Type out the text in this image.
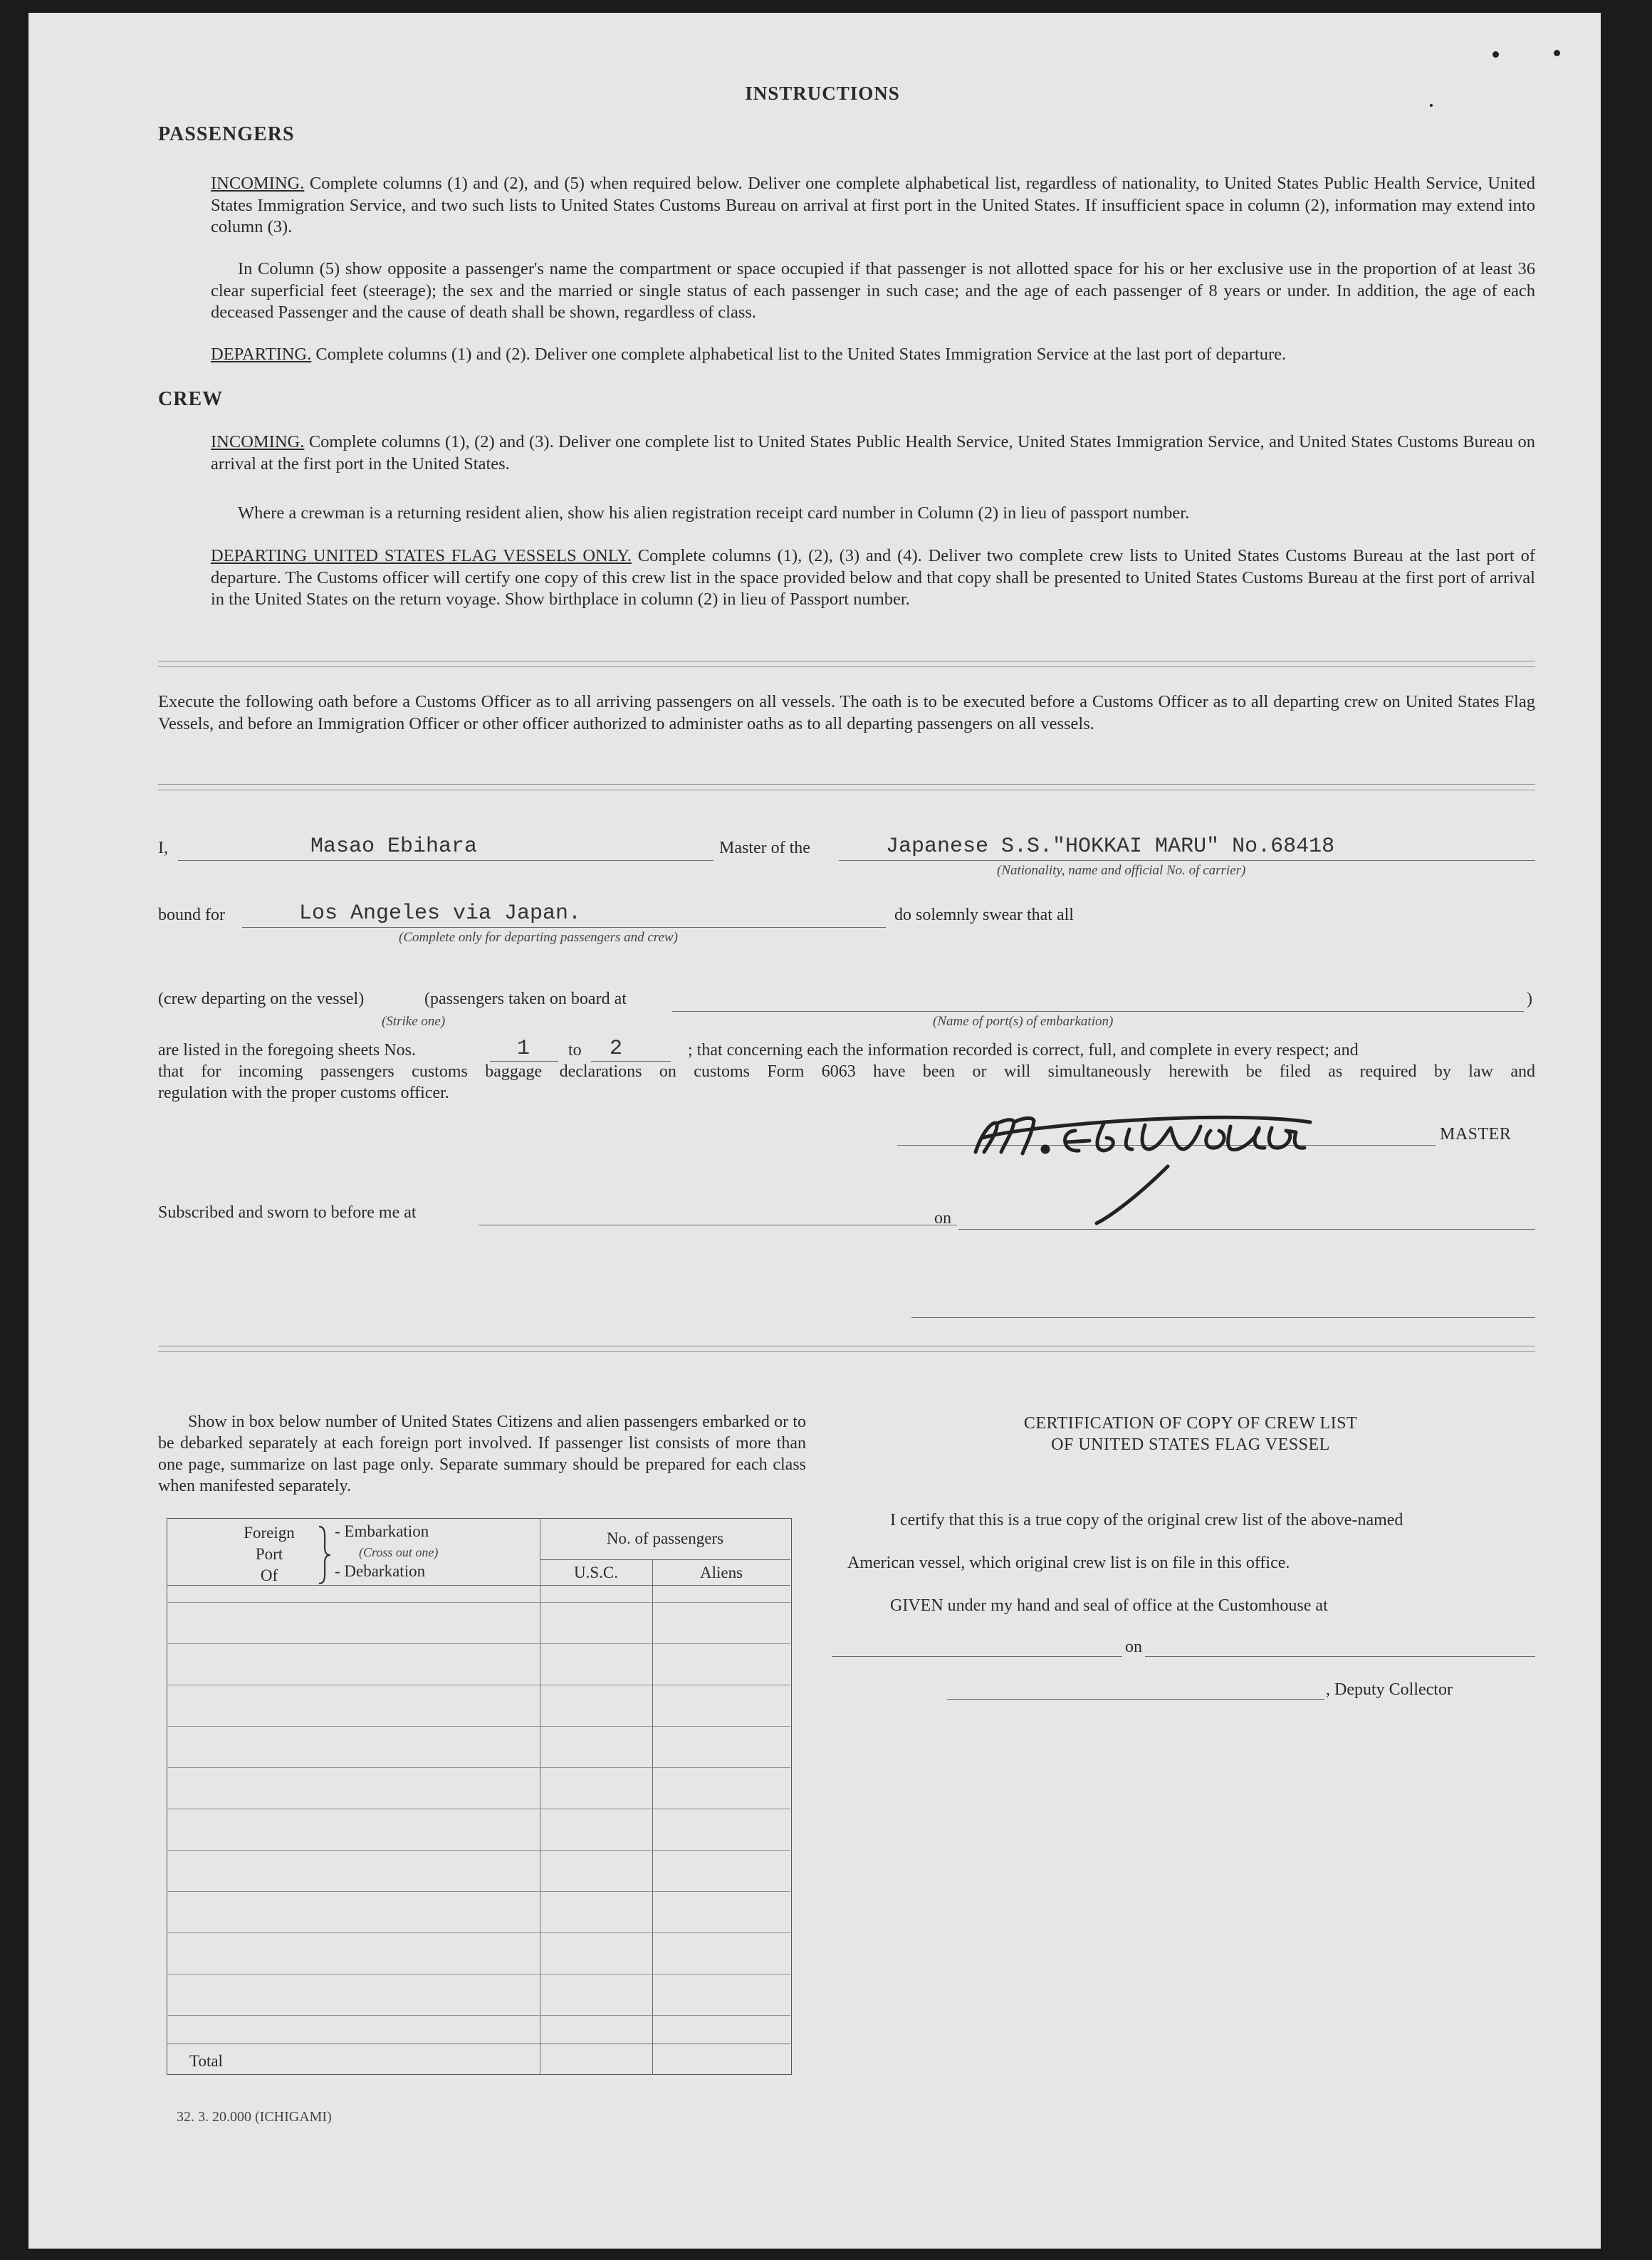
INSTRUCTIONS
PASSENGERS
INCOMING. Complete columns (1) and (2), and (5) when required below. Deliver one complete alphabetical list, regardless of nationality, to United States Public Health Service, United States Immigration Service, and two such lists to United States Customs Bureau on arrival at first port in the United States. If insufficient space in column (2), information may extend into column (3).
In Column (5) show opposite a passenger's name the compartment or space occupied if that passenger is not allotted space for his or her exclusive use in the proportion of at least 36 clear superficial feet (steerage); the sex and the married or single status of each passenger in such case; and the age of each passenger of 8 years or under. In addition, the age of each deceased Passenger and the cause of death shall be shown, regardless of class.
DEPARTING. Complete columns (1) and (2). Deliver one complete alphabetical list to the United States Immigration Service at the last port of departure.
CREW
INCOMING. Complete columns (1), (2) and (3). Deliver one complete list to United States Public Health Service, United States Immigration Service, and United States Customs Bureau on arrival at the first port in the United States.
Where a crewman is a returning resident alien, show his alien registration receipt card number in Column (2) in lieu of passport number.
DEPARTING UNITED STATES FLAG VESSELS ONLY. Complete columns (1), (2), (3) and (4). Deliver two complete crew lists to United States Customs Bureau at the last port of departure. The Customs officer will certify one copy of this crew list in the space provided below and that copy shall be presented to United States Customs Bureau at the first port of arrival in the United States on the return voyage. Show birthplace in column (2) in lieu of Passport number.
Execute the following oath before a Customs Officer as to all arriving passengers on all vessels. The oath is to be executed before a Customs Officer as to all departing crew on United States Flag Vessels, and before an Immigration Officer or other officer authorized to administer oaths as to all departing passengers on all vessels.
I,	Masao Ebihara	Master of the	Japanese S.S."HOKKAI MARU" No.68418
(Nationality, name and official No. of carrier)
bound for	Los Angeles via Japan.
(Complete only for departing passengers and crew)
do solemnly swear that all
(crew departing on the vessel)	(passengers taken on board at	)
(Strike one)	(Name of port(s) of embarkation)
are listed in the foregoing sheets Nos.	1 to 2	; that concerning each the information recorded is correct, full, and complete in every respect; and
that for incoming passengers customs baggage declarations on customs Form 6063 have been or will simultaneously herewith be filed as required by law and
regulation with the proper customs officer.
MASTER
Subscribed and sworn to before me at	on
Show in box below number of United States Citizens and alien passengers embarked or to be debarked separately at each foreign port involved. If passenger list consists of more than one page, summarize on last page only. Separate summary should be prepared for each class when manifested separately.
Foreign
Port
Of
- Embarkation
(Cross out one)
- Debarkation
No. of passengers
U.S.C.	Aliens
Total
CERTIFICATION OF COPY OF CREW LIST
OF UNITED STATES FLAG VESSEL
I certify that this is a true copy of the original crew list of the above-named
American vessel, which original crew list is on file in this office.
GIVEN under my hand and seal of office at the Customhouse at
on
, Deputy Collector
32. 3. 20.000 (ICHIGAMI)
